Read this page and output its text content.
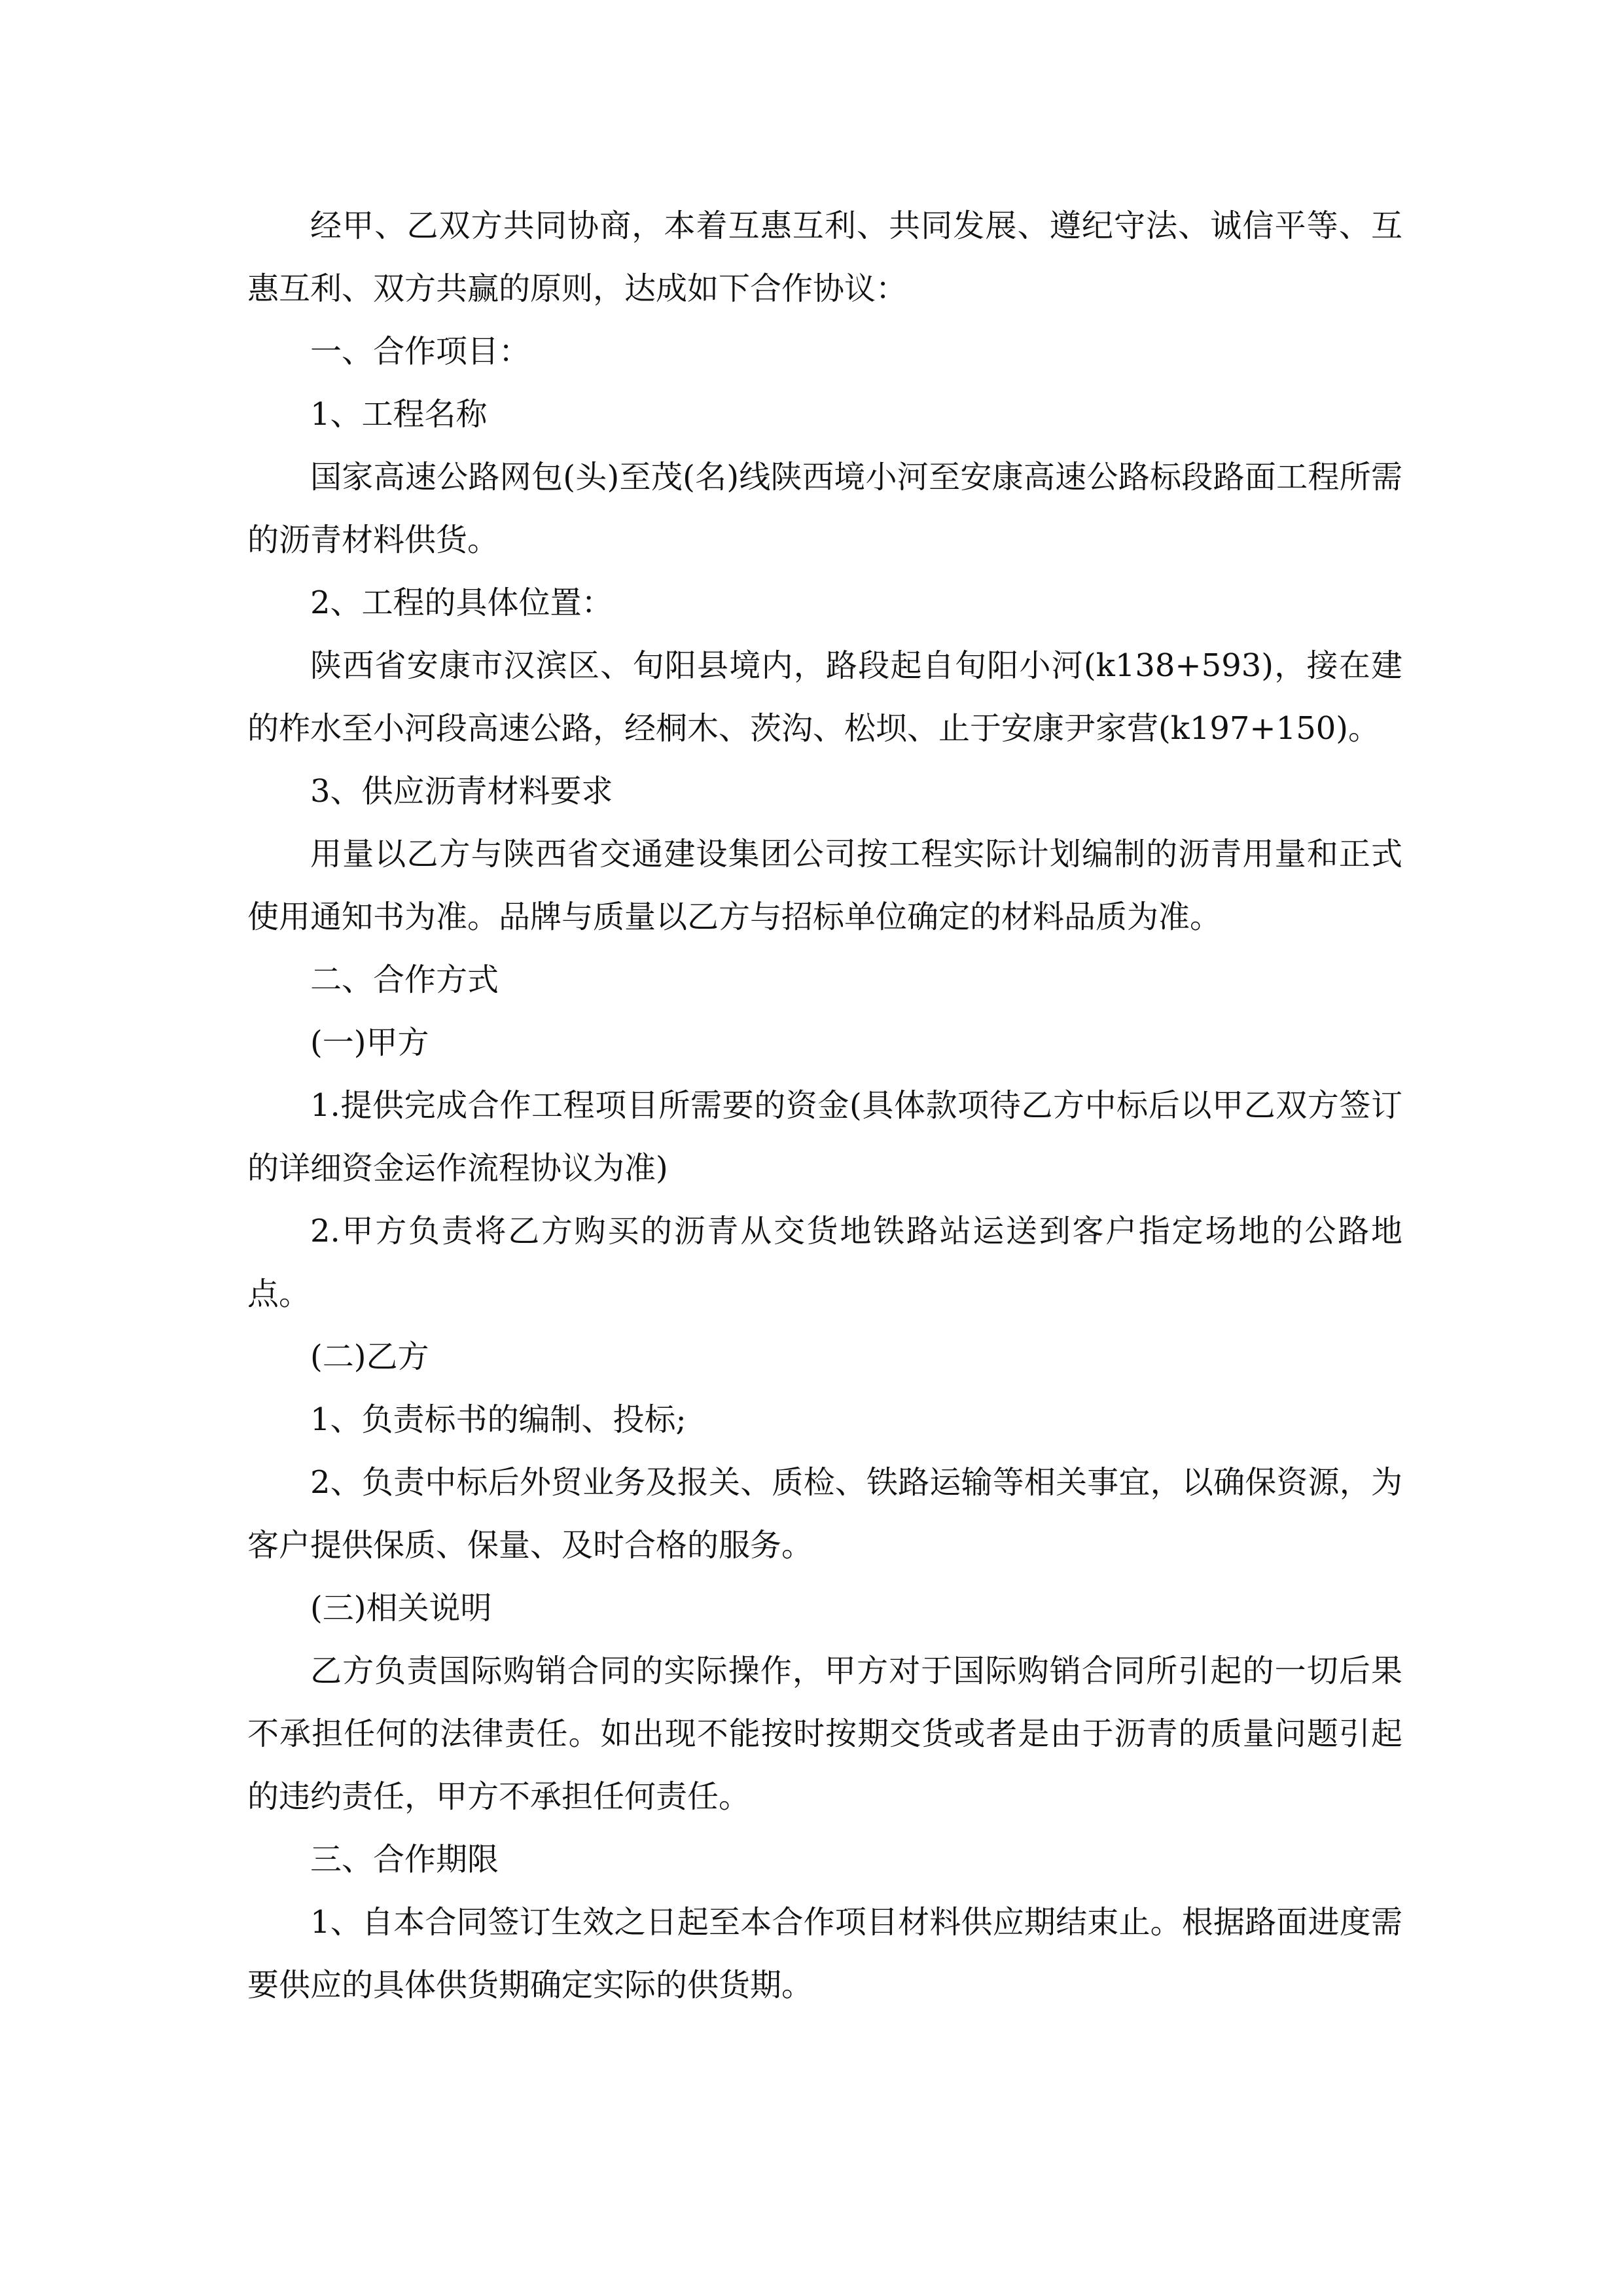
经甲、乙双方共同协商，本着互惠互利、共同发展、遵纪守法、诚信平等、互惠互利、双方共赢的原则，达成如下合作协议：

一、合作项目：

1、工程名称

国家高速公路网包(头)至茂(名)线陕西境小河至安康高速公路标段路面工程所需的沥青材料供货。

2、工程的具体位置：

陕西省安康市汉滨区、旬阳县境内，路段起自旬阳小河(k138+593)，接在建的柞水至小河段高速公路，经桐木、茨沟、松坝、止于安康尹家营(k197+150)。

3、供应沥青材料要求

用量以乙方与陕西省交通建设集团公司按工程实际计划编制的沥青用量和正式使用通知书为准。品牌与质量以乙方与招标单位确定的材料品质为准。

二、合作方式

(一)甲方

1.提供完成合作工程项目所需要的资金(具体款项待乙方中标后以甲乙双方签订的详细资金运作流程协议为准)

2.甲方负责将乙方购买的沥青从交货地铁路站运送到客户指定场地的公路地点。

(二)乙方

1、负责标书的编制、投标;

2、负责中标后外贸业务及报关、质检、铁路运输等相关事宜，以确保资源，为客户提供保质、保量、及时合格的服务。

(三)相关说明

乙方负责国际购销合同的实际操作，甲方对于国际购销合同所引起的一切后果不承担任何的法律责任。如出现不能按时按期交货或者是由于沥青的质量问题引起的违约责任，甲方不承担任何责任。

三、合作期限

1、自本合同签订生效之日起至本合作项目材料供应期结束止。根据路面进度需要供应的具体供货期确定实际的供货期。
